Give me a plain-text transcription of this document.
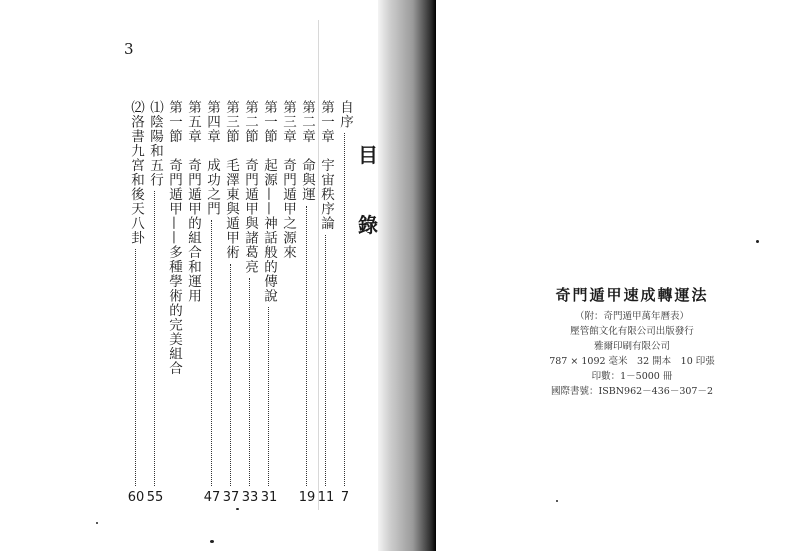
3
目
錄
自序
7
第一章　宇宙秩序論
11
第二章　命與運
19
第三章　奇門遁甲之源來
第一節　起源——神話般的傳說
31
第二節　奇門遁甲與諸葛亮
33
第三節　毛澤東與遁甲術
37
第四章　成功之門
47
第五章　奇門遁甲的組合和運用
第一節　奇門遁甲——多種學術的完美組合
⑴陰陽和五行
55
⑵洛書九宮和後天八卦
60
奇門遁甲速成轉運法
（附：奇門遁甲萬年曆表）
壓管館文化有限公司出版發行
雅爾印刷有限公司
787 × 1092 毫米　32 開本　10 印張
印數：1－5000 冊
國際書號：ISBN962－436－307－2
